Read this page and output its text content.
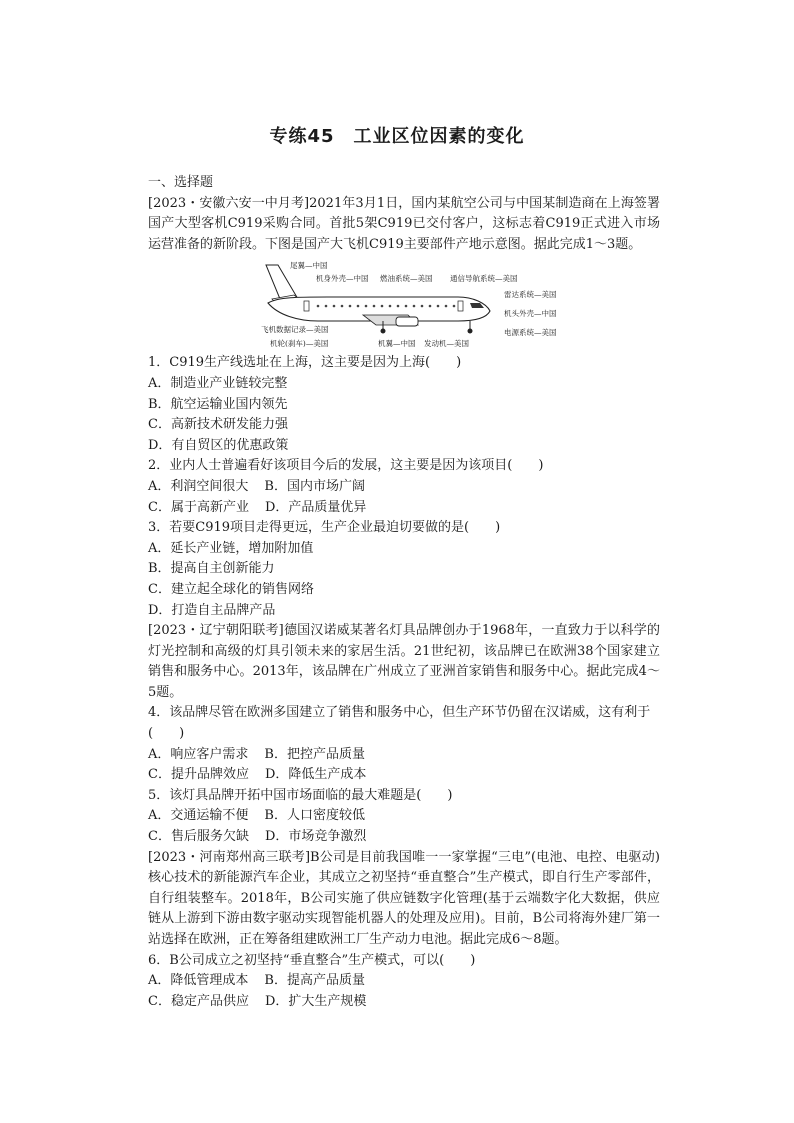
专练45　工业区位因素的变化

一、选择题

[2023・安徽六安一中月考]2021年3月1日，国内某航空公司与中国某制造商在上海签署国产大型客机C919采购合同。首批5架C919已交付客户，这标志着C919正式进入市场运营准备的新阶段。下图是国产大飞机C919主要部件产地示意图。据此完成1～3题。

尾翼—中国
机身外壳—中国 燃油系统—美国 通信导航系统—美国
雷达系统—美国
机头外壳—中国
电源系统—美国
飞机数据记录—美国
机轮(刹车)—美国	机翼—中国 发动机—美国

1．C919生产线选址在上海，这主要是因为上海(　　)

A．制造业产业链较完整

B．航空运输业国内领先

C．高新技术研发能力强

D．有自贸区的优惠政策

2．业内人士普遍看好该项目今后的发展，这主要是因为该项目(　　)

A．利润空间很大 B．国内市场广阔

C．属于高新产业 D．产品质量优异

3．若要C919项目走得更远，生产企业最迫切要做的是(　　)

A．延长产业链，增加附加值

B．提高自主创新能力

C．建立起全球化的销售网络

D．打造自主品牌产品

[2023・辽宁朝阳联考]德国汉诺威某著名灯具品牌创办于1968年，一直致力于以科学的灯光控制和高级的灯具引领未来的家居生活。21世纪初，该品牌已在欧洲38个国家建立销售和服务中心。2013年，该品牌在广州成立了亚洲首家销售和服务中心。据此完成4～5题。

4．该品牌尽管在欧洲多国建立了销售和服务中心，但生产环节仍留在汉诺威，这有利于(　　)

A．响应客户需求 B．把控产品质量

C．提升品牌效应 D．降低生产成本

5．该灯具品牌开拓中国市场面临的最大难题是(　　)

A．交通运输不便 B．人口密度较低

C．售后服务欠缺 D．市场竞争激烈

[2023・河南郑州高三联考]B公司是目前我国唯一一家掌握“三电”(电池、电控、电驱动)核心技术的新能源汽车企业，其成立之初坚持“垂直整合”生产模式，即自行生产零部件，自行组装整车。2018年，B公司实施了供应链数字化管理(基于云端数字化大数据，供应链从上游到下游由数字驱动实现智能机器人的处理及应用)。目前，B公司将海外建厂第一站选择在欧洲，正在筹备组建欧洲工厂生产动力电池。据此完成6～8题。

6．B公司成立之初坚持“垂直整合”生产模式，可以(　　)

A．降低管理成本 B．提高产品质量

C．稳定产品供应 D．扩大生产规模
